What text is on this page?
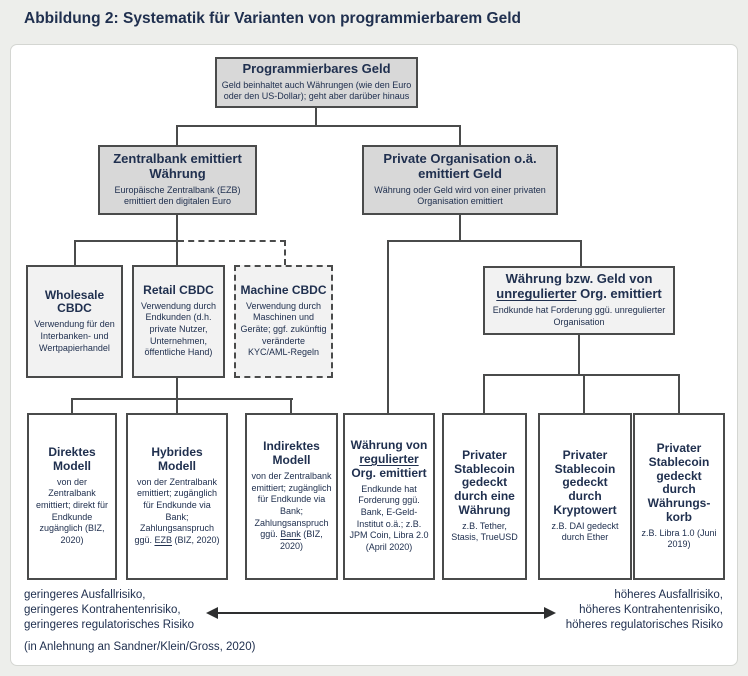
Abbildung 2: Systematik für Varianten von programmierbarem Geld
Programmierbares Geld
Geld beinhaltet auch Währungen (wie den Euro oder den US-Dollar); geht aber darüber hinaus
Zentralbank emittiert Währung
Europäische Zentralbank (EZB) emittiert den digitalen Euro
Private Organisation o.ä. emittiert Geld
Währung oder Geld wird von einer privaten Organisation emittiert
Wholesale CBDC
Verwendung für den Interbanken- und Wertpapierhandel
Retail CBDC
Verwendung durch Endkunden (d.h. private Nutzer, Unternehmen, öffentliche Hand)
Machine CBDC
Verwendung durch Maschinen und Geräte; ggf. zukünftig veränderte KYC/AML-Regeln
Währung bzw. Geld von unregulierter Org. emittiert
Endkunde hat Forderung ggü. unregulierter Organisation
Direktes Modell
von der Zentralbank emittiert; direkt für Endkunde zugänglich (BIZ, 2020)
Hybrides Modell
von der Zentralbank emittiert; zugänglich für Endkunde via Bank; Zahlungsanspruch ggü. EZB (BIZ, 2020)
Indirektes Modell
von der Zentralbank emittiert; zugänglich für Endkunde via Bank; Zahlungsanspruch ggü. Bank (BIZ, 2020)
Währung von regulierter Org. emittiert
Endkunde hat Forderung ggü. Bank, E-Geld-Institut o.ä.; z.B. JPM Coin, Libra 2.0 (April 2020)
Privater Stablecoin gedeckt durch eine Währung
z.B. Tether, Stasis, TrueUSD
Privater Stablecoin gedeckt durch Kryptowert
z.B. DAI gedeckt durch Ether
Privater Stablecoin gedeckt durch Währungs-korb
z.B. Libra 1.0 (Juni 2019)
geringeres Ausfallrisiko,
geringeres Kontrahentenrisiko,
geringeres regulatorisches Risiko
höheres Ausfallrisiko,
höheres Kontrahentenrisiko,
höheres regulatorisches Risiko
(in Anlehnung an Sandner/Klein/Gross, 2020)
